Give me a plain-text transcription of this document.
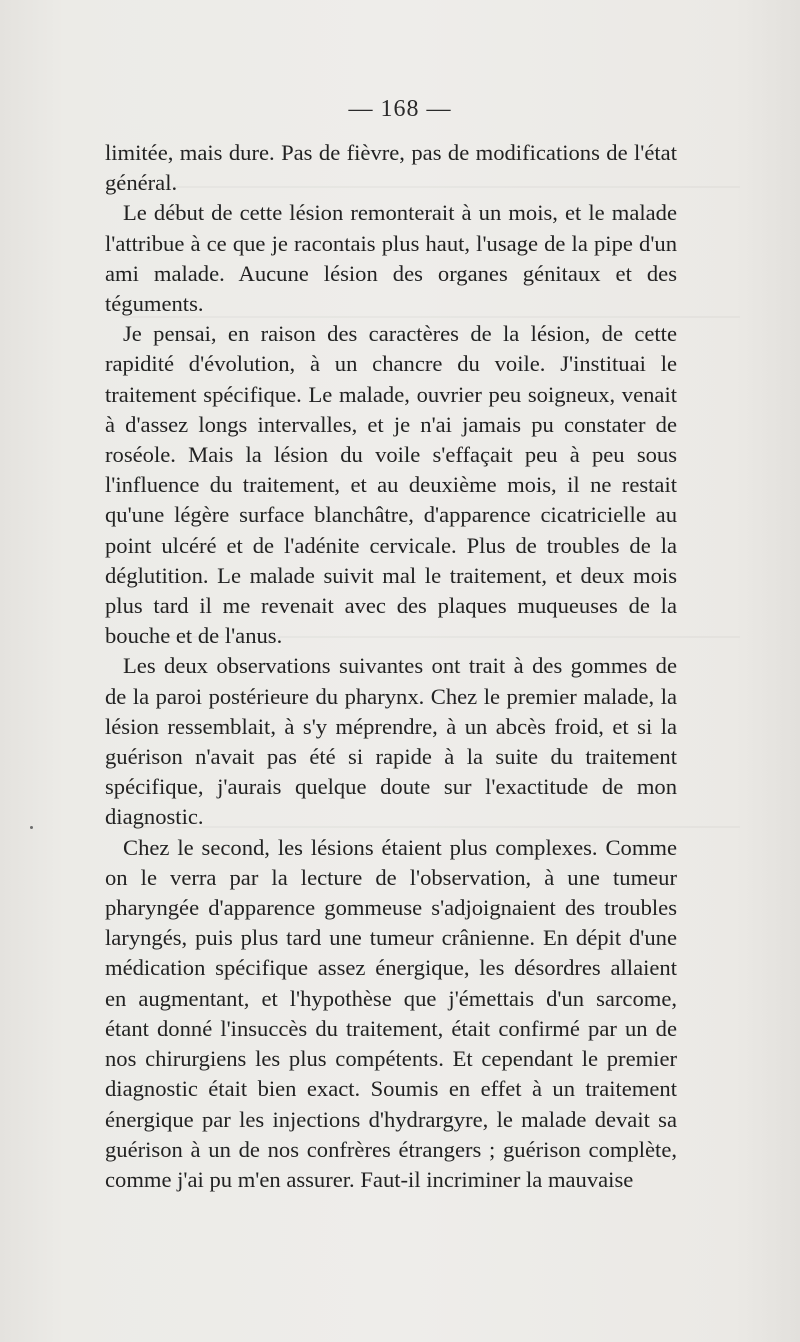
— 168 —

limitée, mais dure. Pas de fièvre, pas de modifications de l'état général.

Le début de cette lésion remonterait à un mois, et le malade l'attribue à ce que je racontais plus haut, l'usage de la pipe d'un ami malade. Aucune lésion des organes génitaux et des téguments.

Je pensai, en raison des caractères de la lésion, de cette rapidité d'évolution, à un chancre du voile. J'instituai le traitement spécifique. Le malade, ouvrier peu soigneux, venait à d'assez longs intervalles, et je n'ai jamais pu constater de roséole. Mais la lésion du voile s'effaçait peu à peu sous l'influence du traitement, et au deuxième mois, il ne restait qu'une légère surface blanchâtre, d'apparence cicatricielle au point ulcéré et de l'adénite cervicale. Plus de troubles de la déglutition. Le malade suivit mal le traitement, et deux mois plus tard il me revenait avec des plaques muqueuses de la bouche et de l'anus.

Les deux observations suivantes ont trait à des gommes de de la paroi postérieure du pharynx. Chez le premier malade, la lésion ressemblait, à s'y méprendre, à un abcès froid, et si la guérison n'avait pas été si rapide à la suite du traitement spécifique, j'aurais quelque doute sur l'exactitude de mon diagnostic.

Chez le second, les lésions étaient plus complexes. Comme on le verra par la lecture de l'observation, à une tumeur pharyngée d'apparence gommeuse s'adjoignaient des troubles laryngés, puis plus tard une tumeur crânienne. En dépit d'une médication spécifique assez énergique, les désordres allaient en augmentant, et l'hypothèse que j'émettais d'un sarcome, étant donné l'insuccès du traitement, était confirmé par un de nos chirurgiens les plus compétents. Et cependant le premier diagnostic était bien exact. Soumis en effet à un traitement énergique par les injections d'hydrargyre, le malade devait sa guérison à un de nos confrères étrangers ; guérison complète, comme j'ai pu m'en assurer. Faut-il incriminer la mauvaise
